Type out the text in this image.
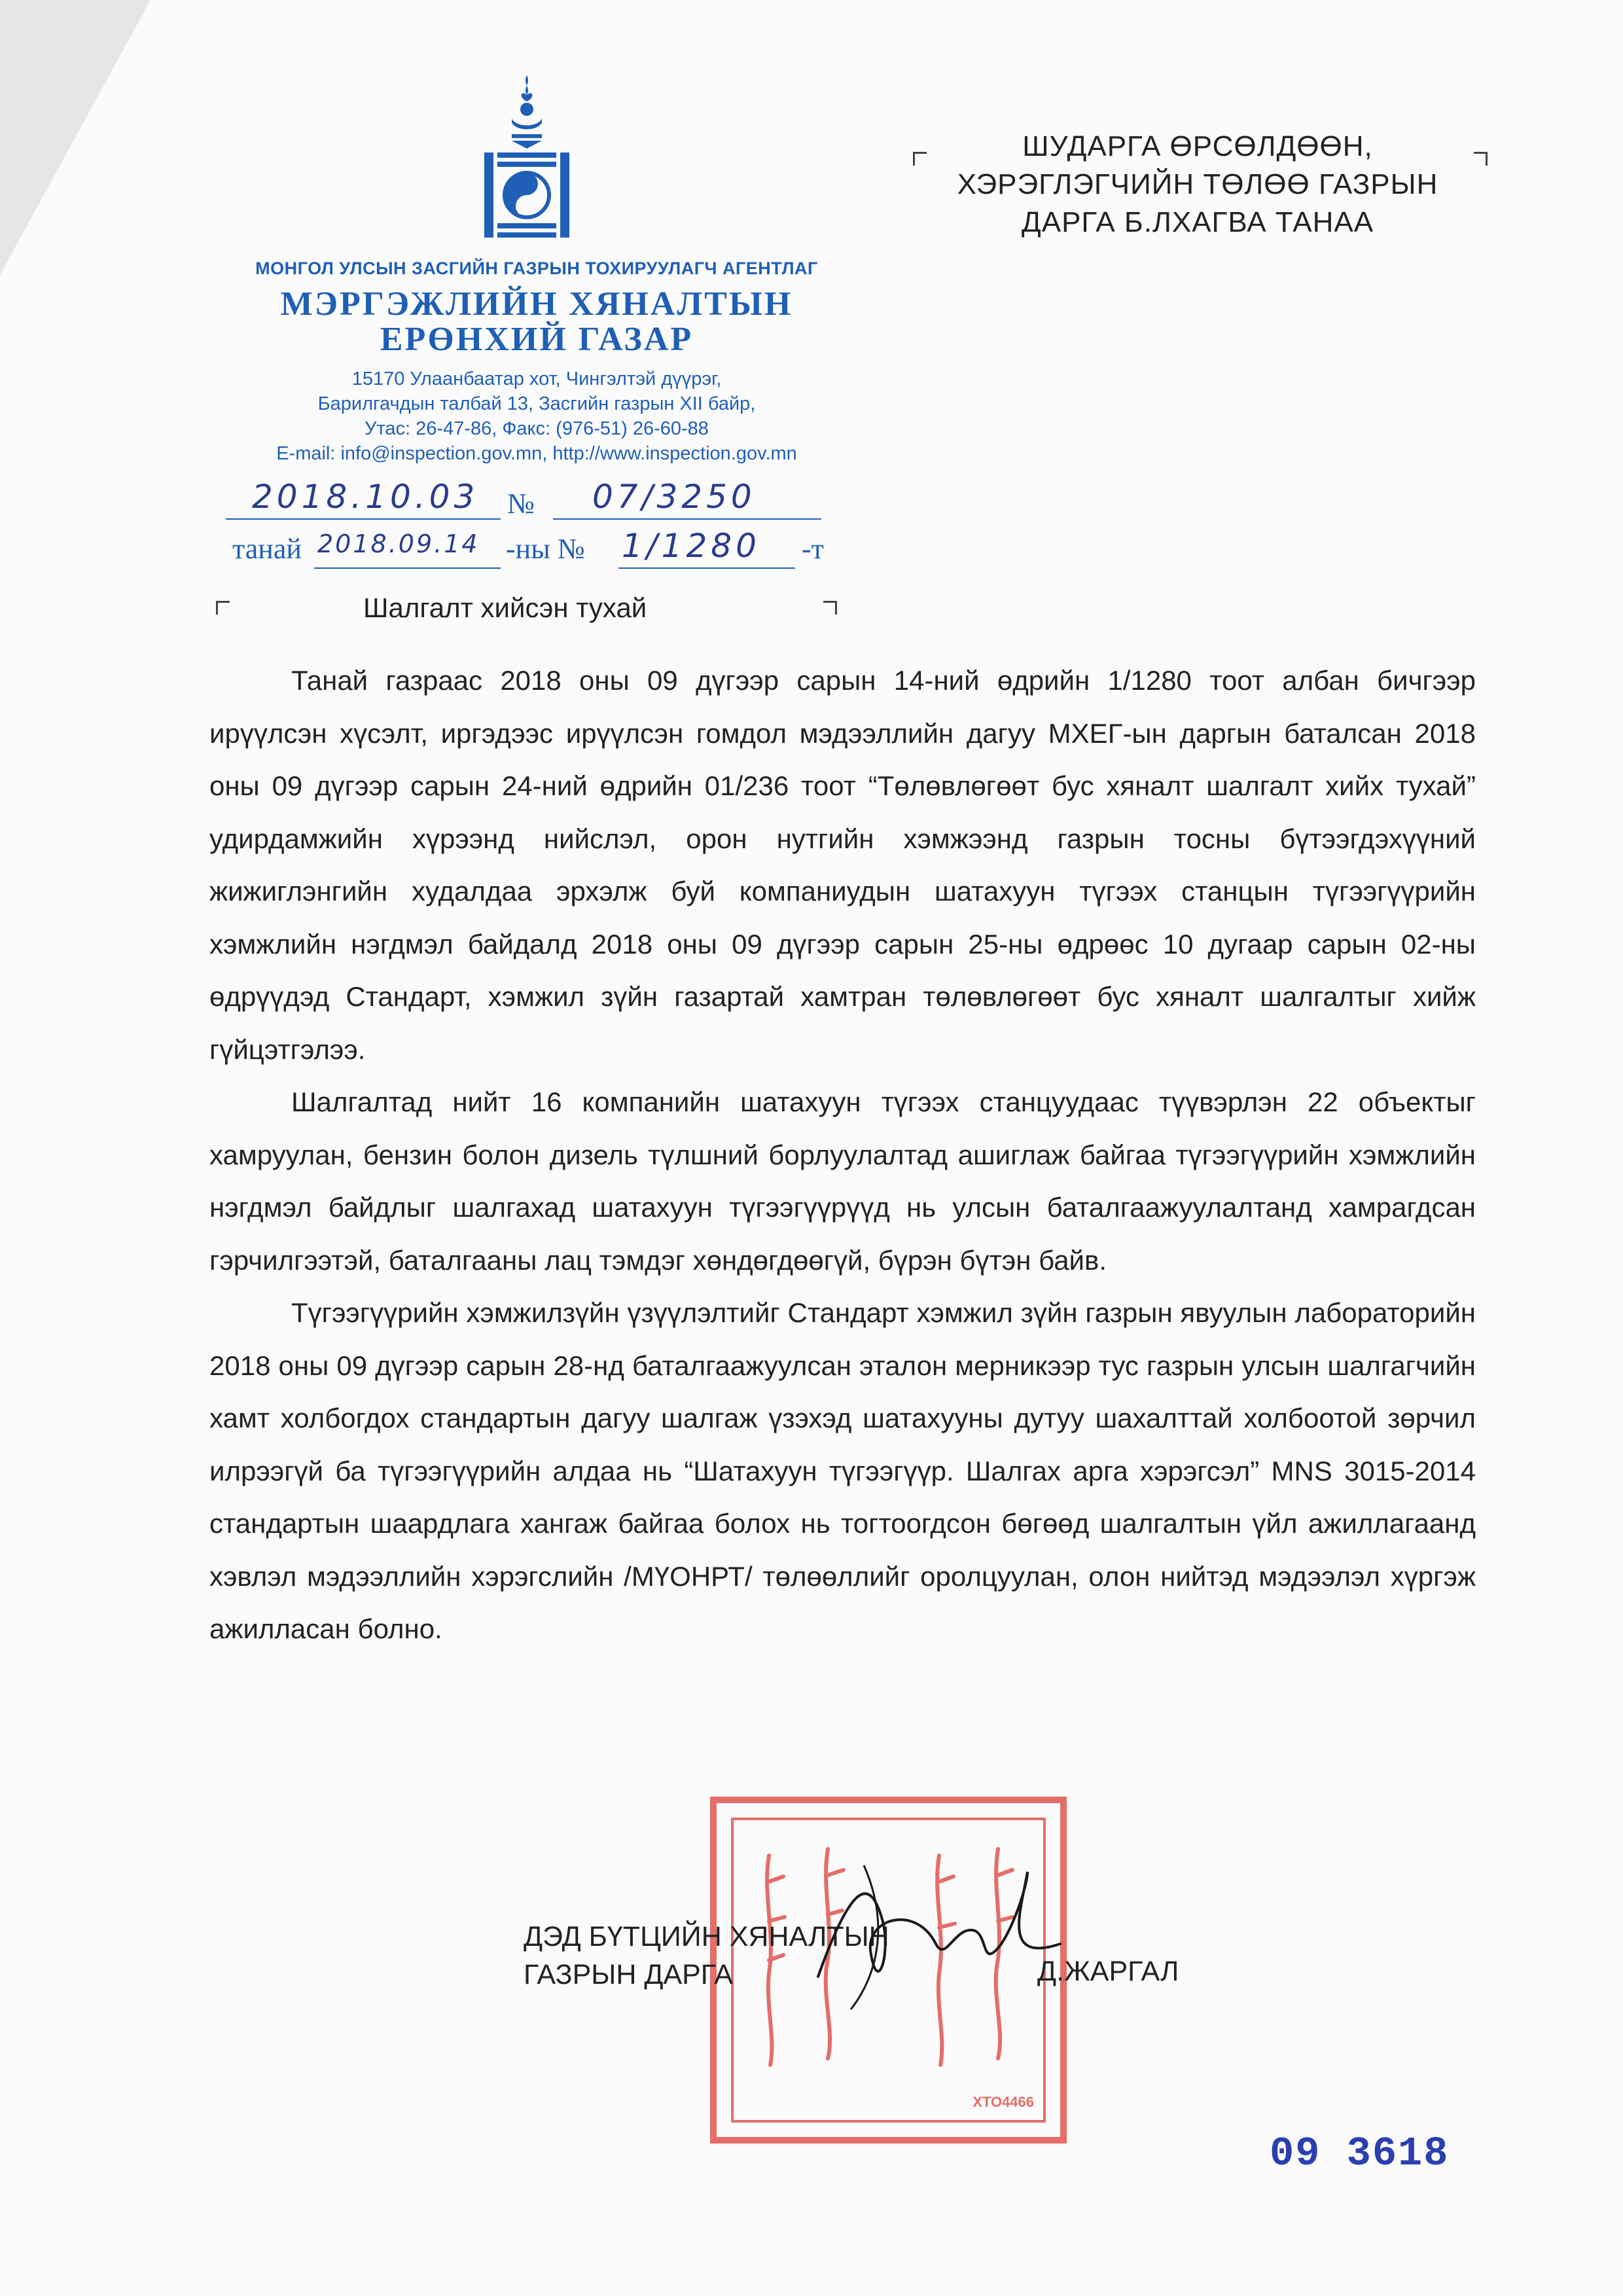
МОНГОЛ УЛСЫН ЗАСГИЙН ГАЗРЫН ТОХИРУУЛАГЧ АГЕНТЛАГ
МЭРГЭЖЛИЙН ХЯНАЛТЫН
ЕРӨНХИЙ ГАЗАР
15170 Улаанбаатар хот, Чингэлтэй дүүрэг,
Барилгачдын талбай 13, Засгийн газрын XII байр,
Утас: 26-47-86, Факс: (976-51) 26-60-88
E-mail: info@inspection.gov.mn, http://www.inspection.gov.mn
2018.10.03 № 07/3250
танай 2018.09.14 -ны № 1/1280 -т
ШУДАРГА ӨРСӨЛДӨӨН,
ХЭРЭГЛЭГЧИЙН ТӨЛӨӨ ГАЗРЫН
ДАРГА Б.ЛХАГВА ТАНАА
Шалгалт хийсэн тухай

Танай газраас 2018 оны 09 дүгээр сарын 14-ний өдрийн 1/1280 тоот албан бичгээр ирүүлсэн хүсэлт, иргэдээс ирүүлсэн гомдол мэдээллийн дагуу МХЕГ-ын даргын баталсан 2018 оны 09 дүгээр сарын 24-ний өдрийн 01/236 тоот “Төлөвлөгөөт бус хяналт шалгалт хийх тухай” удирдамжийн хүрээнд нийслэл, орон нутгийн хэмжээнд газрын тосны бүтээгдэхүүний жижиглэнгийн худалдаа эрхэлж буй компаниудын шатахуун түгээх станцын түгээгүүрийн хэмжлийн нэгдмэл байдалд 2018 оны 09 дүгээр сарын 25-ны өдрөөс 10 дугаар сарын 02-ны өдрүүдэд Стандарт, хэмжил зүйн газартай хамтран төлөвлөгөөт бус хяналт шалгалтыг хийж гүйцэтгэлээ.

Шалгалтад нийт 16 компанийн шатахуун түгээх станцуудаас түүвэрлэн 22 объектыг хамруулан, бензин болон дизель түлшний борлуулалтад ашиглаж байгаа түгээгүүрийн хэмжлийн нэгдмэл байдлыг шалгахад шатахуун түгээгүүрүүд нь улсын баталгаажуулалтанд хамрагдсан гэрчилгээтэй, баталгааны лац тэмдэг хөндөгдөөгүй, бүрэн бүтэн байв.

Түгээгүүрийн хэмжилзүйн үзүүлэлтийг Стандарт хэмжил зүйн газрын явуулын лабораторийн 2018 оны 09 дүгээр сарын 28-нд баталгаажуулсан эталон мерникээр тус газрын улсын шалгагчийн хамт холбогдох стандартын дагуу шалгаж үзэхэд шатахууны дутуу шахалттай холбоотой зөрчил илрээгүй ба түгээгүүрийн алдаа нь “Шатахуун түгээгүүр. Шалгах арга хэрэгсэл” MNS 3015-2014 стандартын шаардлага хангаж байгаа болох нь тогтоогдсон бөгөөд шалгалтын үйл ажиллагаанд хэвлэл мэдээллийн хэрэгслийн /МҮОНРТ/ төлөөллийг оролцуулан, олон нийтэд мэдээлэл хүргэж ажилласан болно.

ХТО4466
ДЭД БҮТЦИЙН ХЯНАЛТЫН
ГАЗРЫН ДАРГА	Д.ЖАРГАЛ
09 3618
